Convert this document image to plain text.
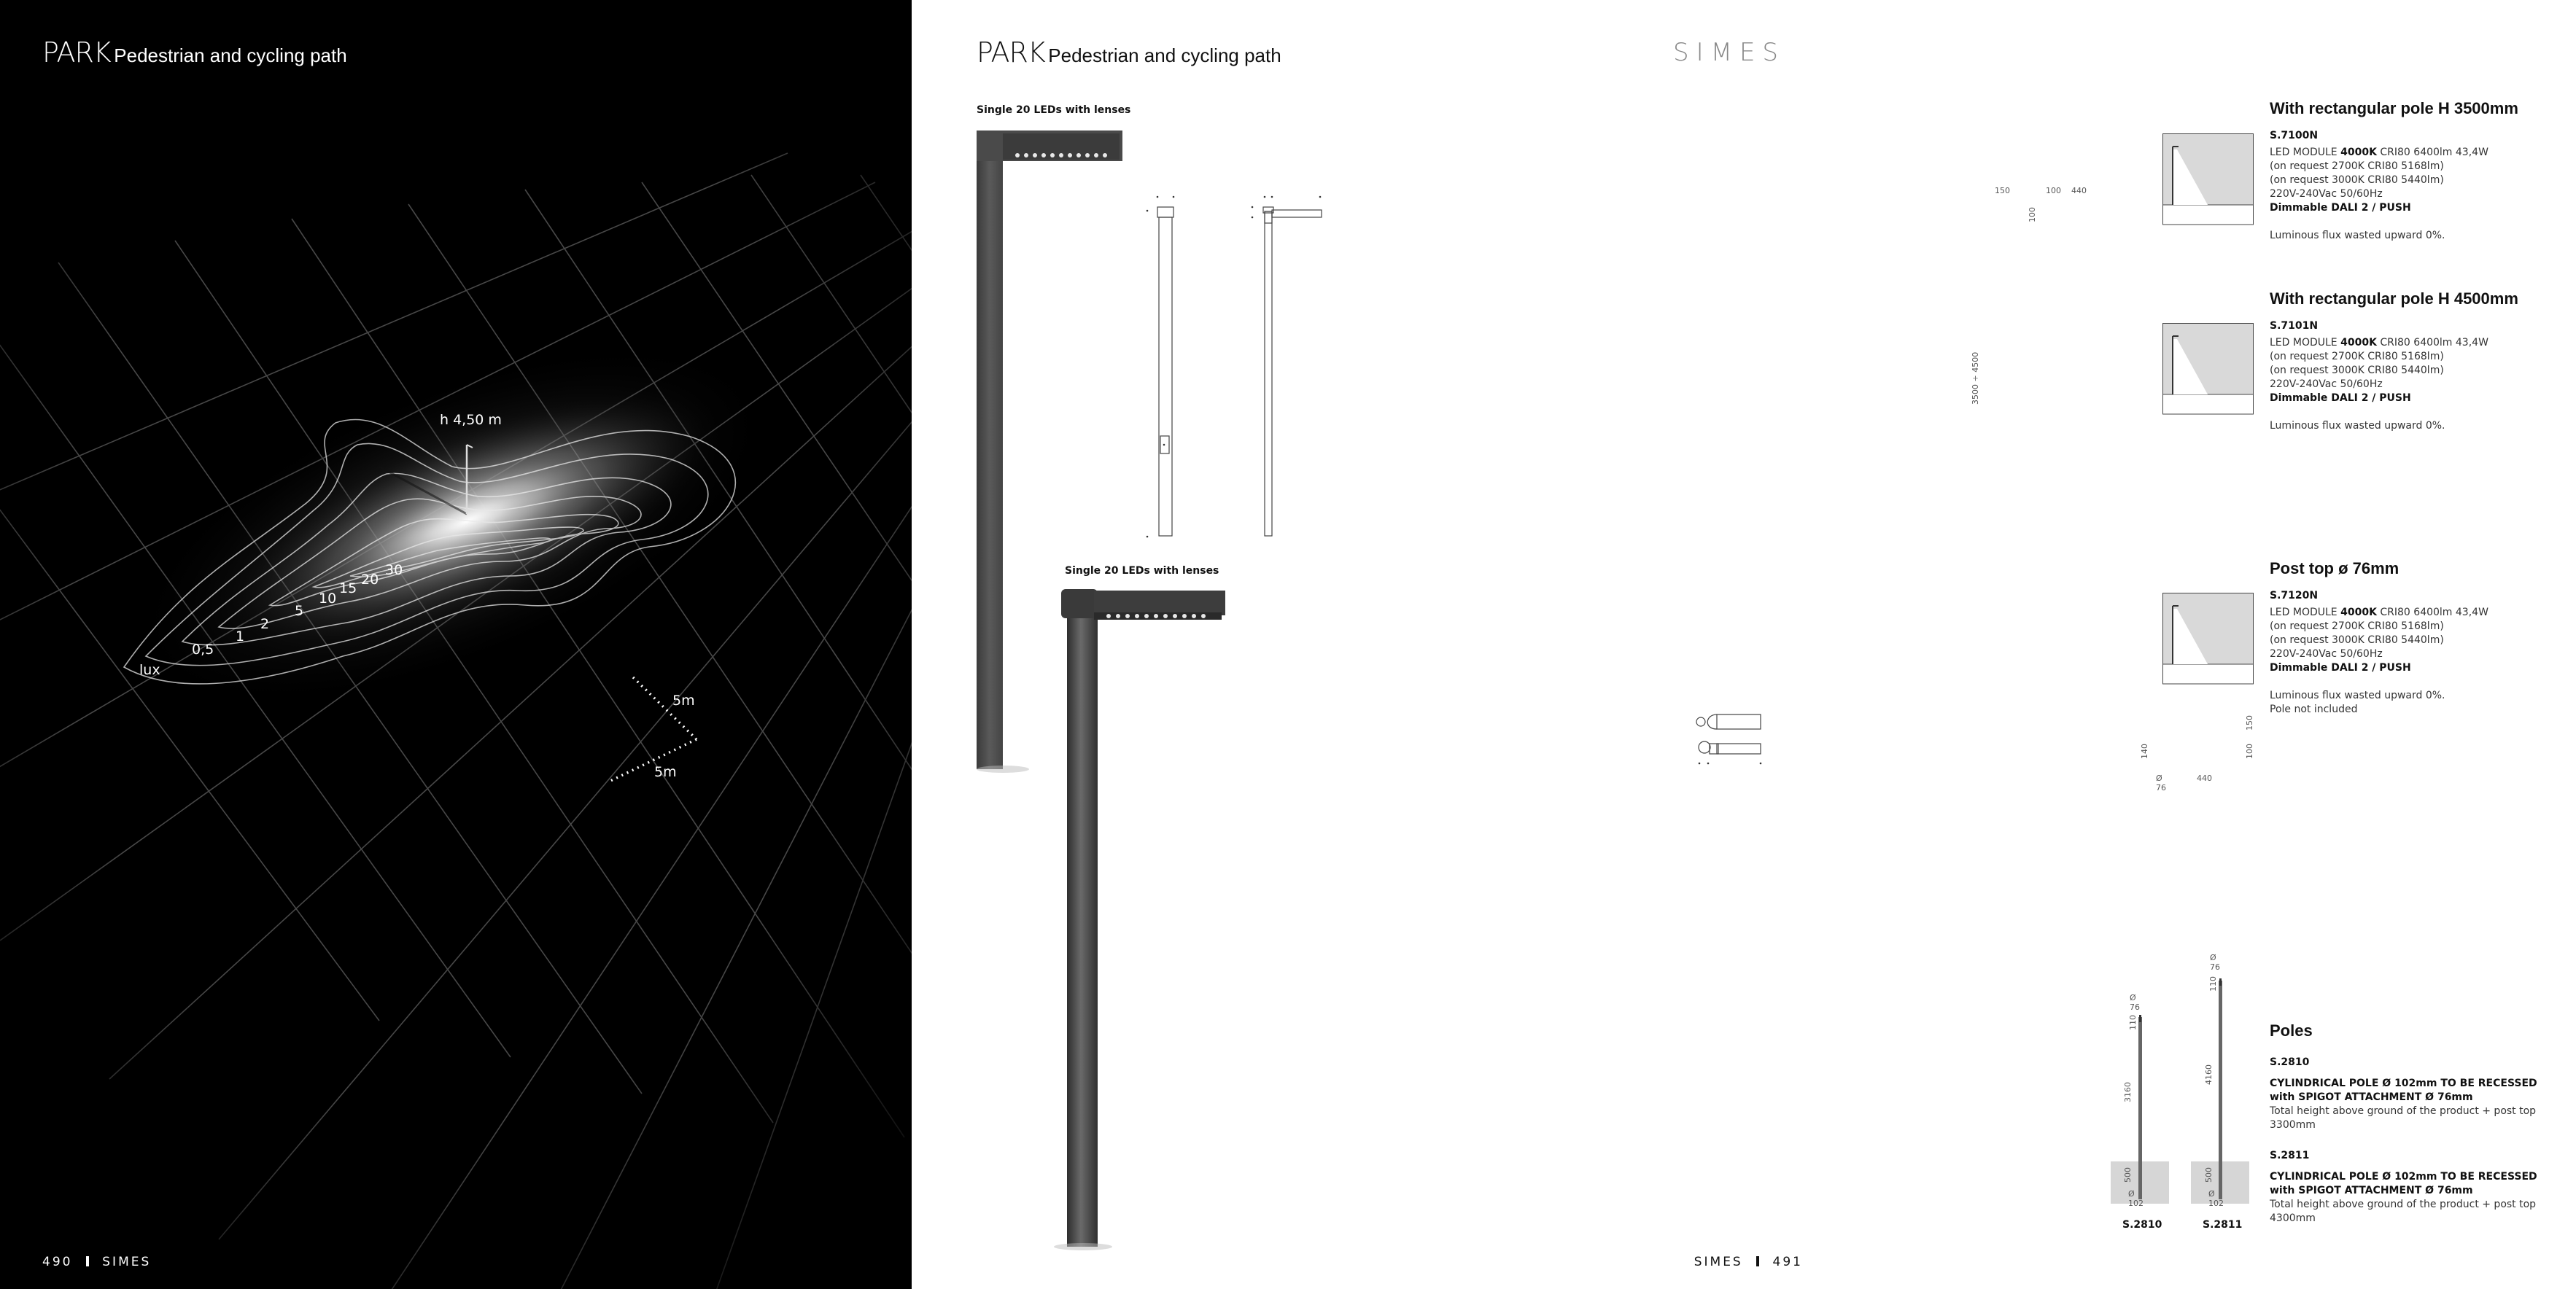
PARK Pedestrian and cycling path
h 4,50 m
lux
0,5
1
2
5
10
15
20
30
5m
5m
490 SIMES
PARK Pedestrian and cycling path	SIMES
Single 20 LEDs with lenses
Single 20 LEDs with lenses
150	100 440
100
3500 ÷ 4500
150
100
140
Ø 76
440
With rectangular pole H 3500mm
S.7100N
LED MODULE 4000K CRI80 6400lm 43,4W
(on request 2700K CRI80 5168lm)
(on request 3000K CRI80 5440lm)
220V-240Vac 50/60Hz
Dimmable DALI 2 / PUSH
Luminous flux wasted upward 0%.
With rectangular pole H 4500mm
S.7101N
LED MODULE 4000K CRI80 6400lm 43,4W
(on request 2700K CRI80 5168lm)
(on request 3000K CRI80 5440lm)
220V-240Vac 50/60Hz
Dimmable DALI 2 / PUSH
Luminous flux wasted upward 0%.
Post top ø 76mm
S.7120N
LED MODULE 4000K CRI80 6400lm 43,4W
(on request 2700K CRI80 5168lm)
(on request 3000K CRI80 5440lm)
220V-240Vac 50/60Hz
Dimmable DALI 2 / PUSH
Luminous flux wasted upward 0%.
Pole not included
Ø 76
110
3160
500
Ø 102
S.2810
Ø 76
110
4160
500
Ø 102
S.2811
Poles
S.2810
CYLINDRICAL POLE Ø 102mm TO BE RECESSED
with SPIGOT ATTACHMENT Ø 76mm
Total height above ground of the product + post top 3300mm
S.2811
CYLINDRICAL POLE Ø 102mm TO BE RECESSED
with SPIGOT ATTACHMENT Ø 76mm
Total height above ground of the product + post top 4300mm
SIMES 491
